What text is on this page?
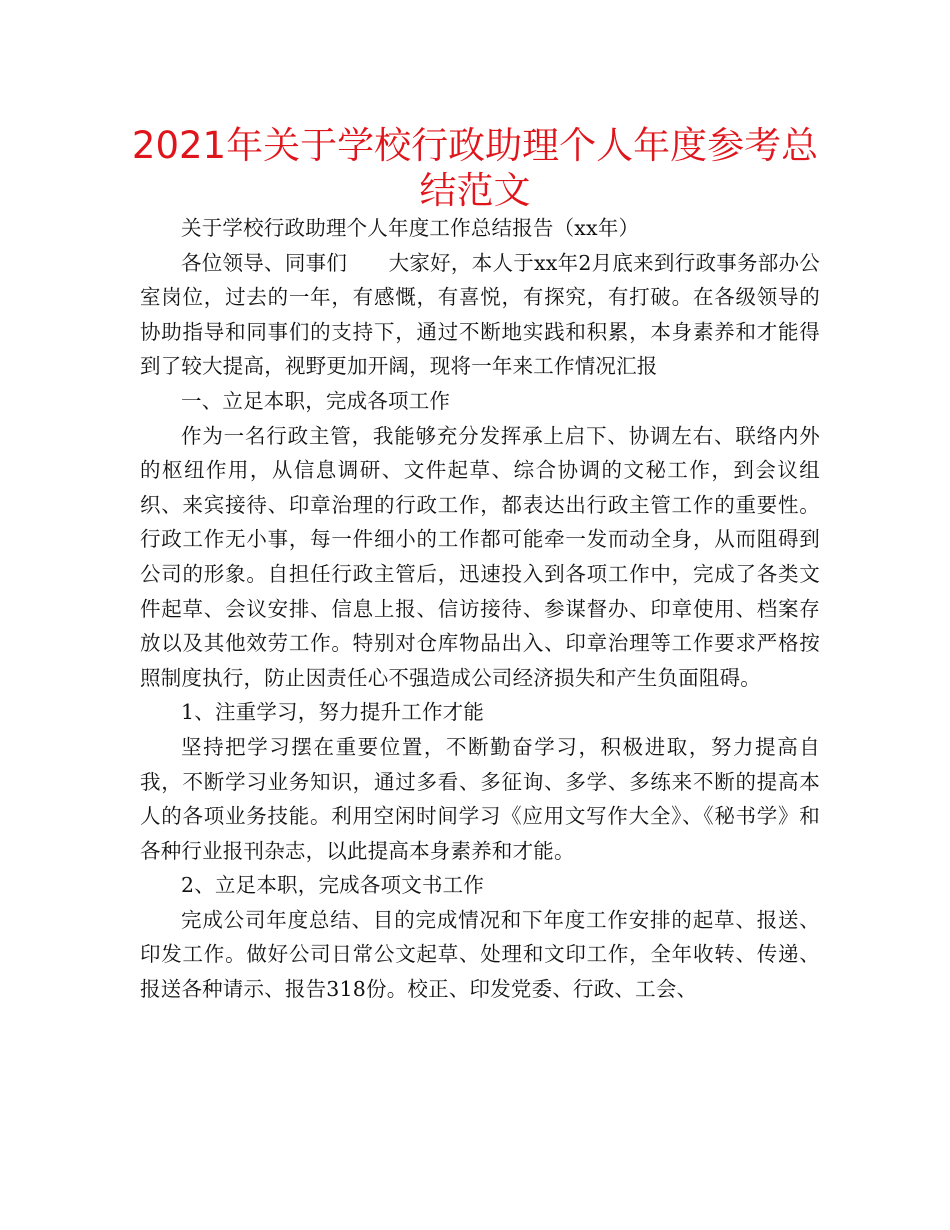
2021年关于学校行政助理个人年度参考总结范文

关于学校行政助理个人年度工作总结报告（xx年）

各位领导、同事们　　大家好，本人于xx年2月底来到行政事务部办公室岗位，过去的一年，有感慨，有喜悦，有探究，有打破。在各级领导的协助指导和同事们的支持下，通过不断地实践和积累，本身素养和才能得到了较大提高，视野更加开阔，现将一年来工作情况汇报

一、立足本职，完成各项工作

作为一名行政主管，我能够充分发挥承上启下、协调左右、联络内外的枢纽作用，从信息调研、文件起草、综合协调的文秘工作，到会议组织、来宾接待、印章治理的行政工作，都表达出行政主管工作的重要性。行政工作无小事，每一件细小的工作都可能牵一发而动全身，从而阻碍到公司的形象。自担任行政主管后，迅速投入到各项工作中，完成了各类文件起草、会议安排、信息上报、信访接待、参谋督办、印章使用、档案存放以及其他效劳工作。特别对仓库物品出入、印章治理等工作要求严格按照制度执行，防止因责任心不强造成公司经济损失和产生负面阻碍。

1、注重学习，努力提升工作才能

坚持把学习摆在重要位置，不断勤奋学习，积极进取，努力提高自我，不断学习业务知识，通过多看、多征询、多学、多练来不断的提高本人的各项业务技能。利用空闲时间学习《应用文写作大全》、《秘书学》和各种行业报刊杂志，以此提高本身素养和才能。

2、立足本职，完成各项文书工作

完成公司年度总结、目的完成情况和下年度工作安排的起草、报送、印发工作。做好公司日常公文起草、处理和文印工作，全年收转、传递、报送各种请示、报告318份。校正、印发党委、行政、工会、
